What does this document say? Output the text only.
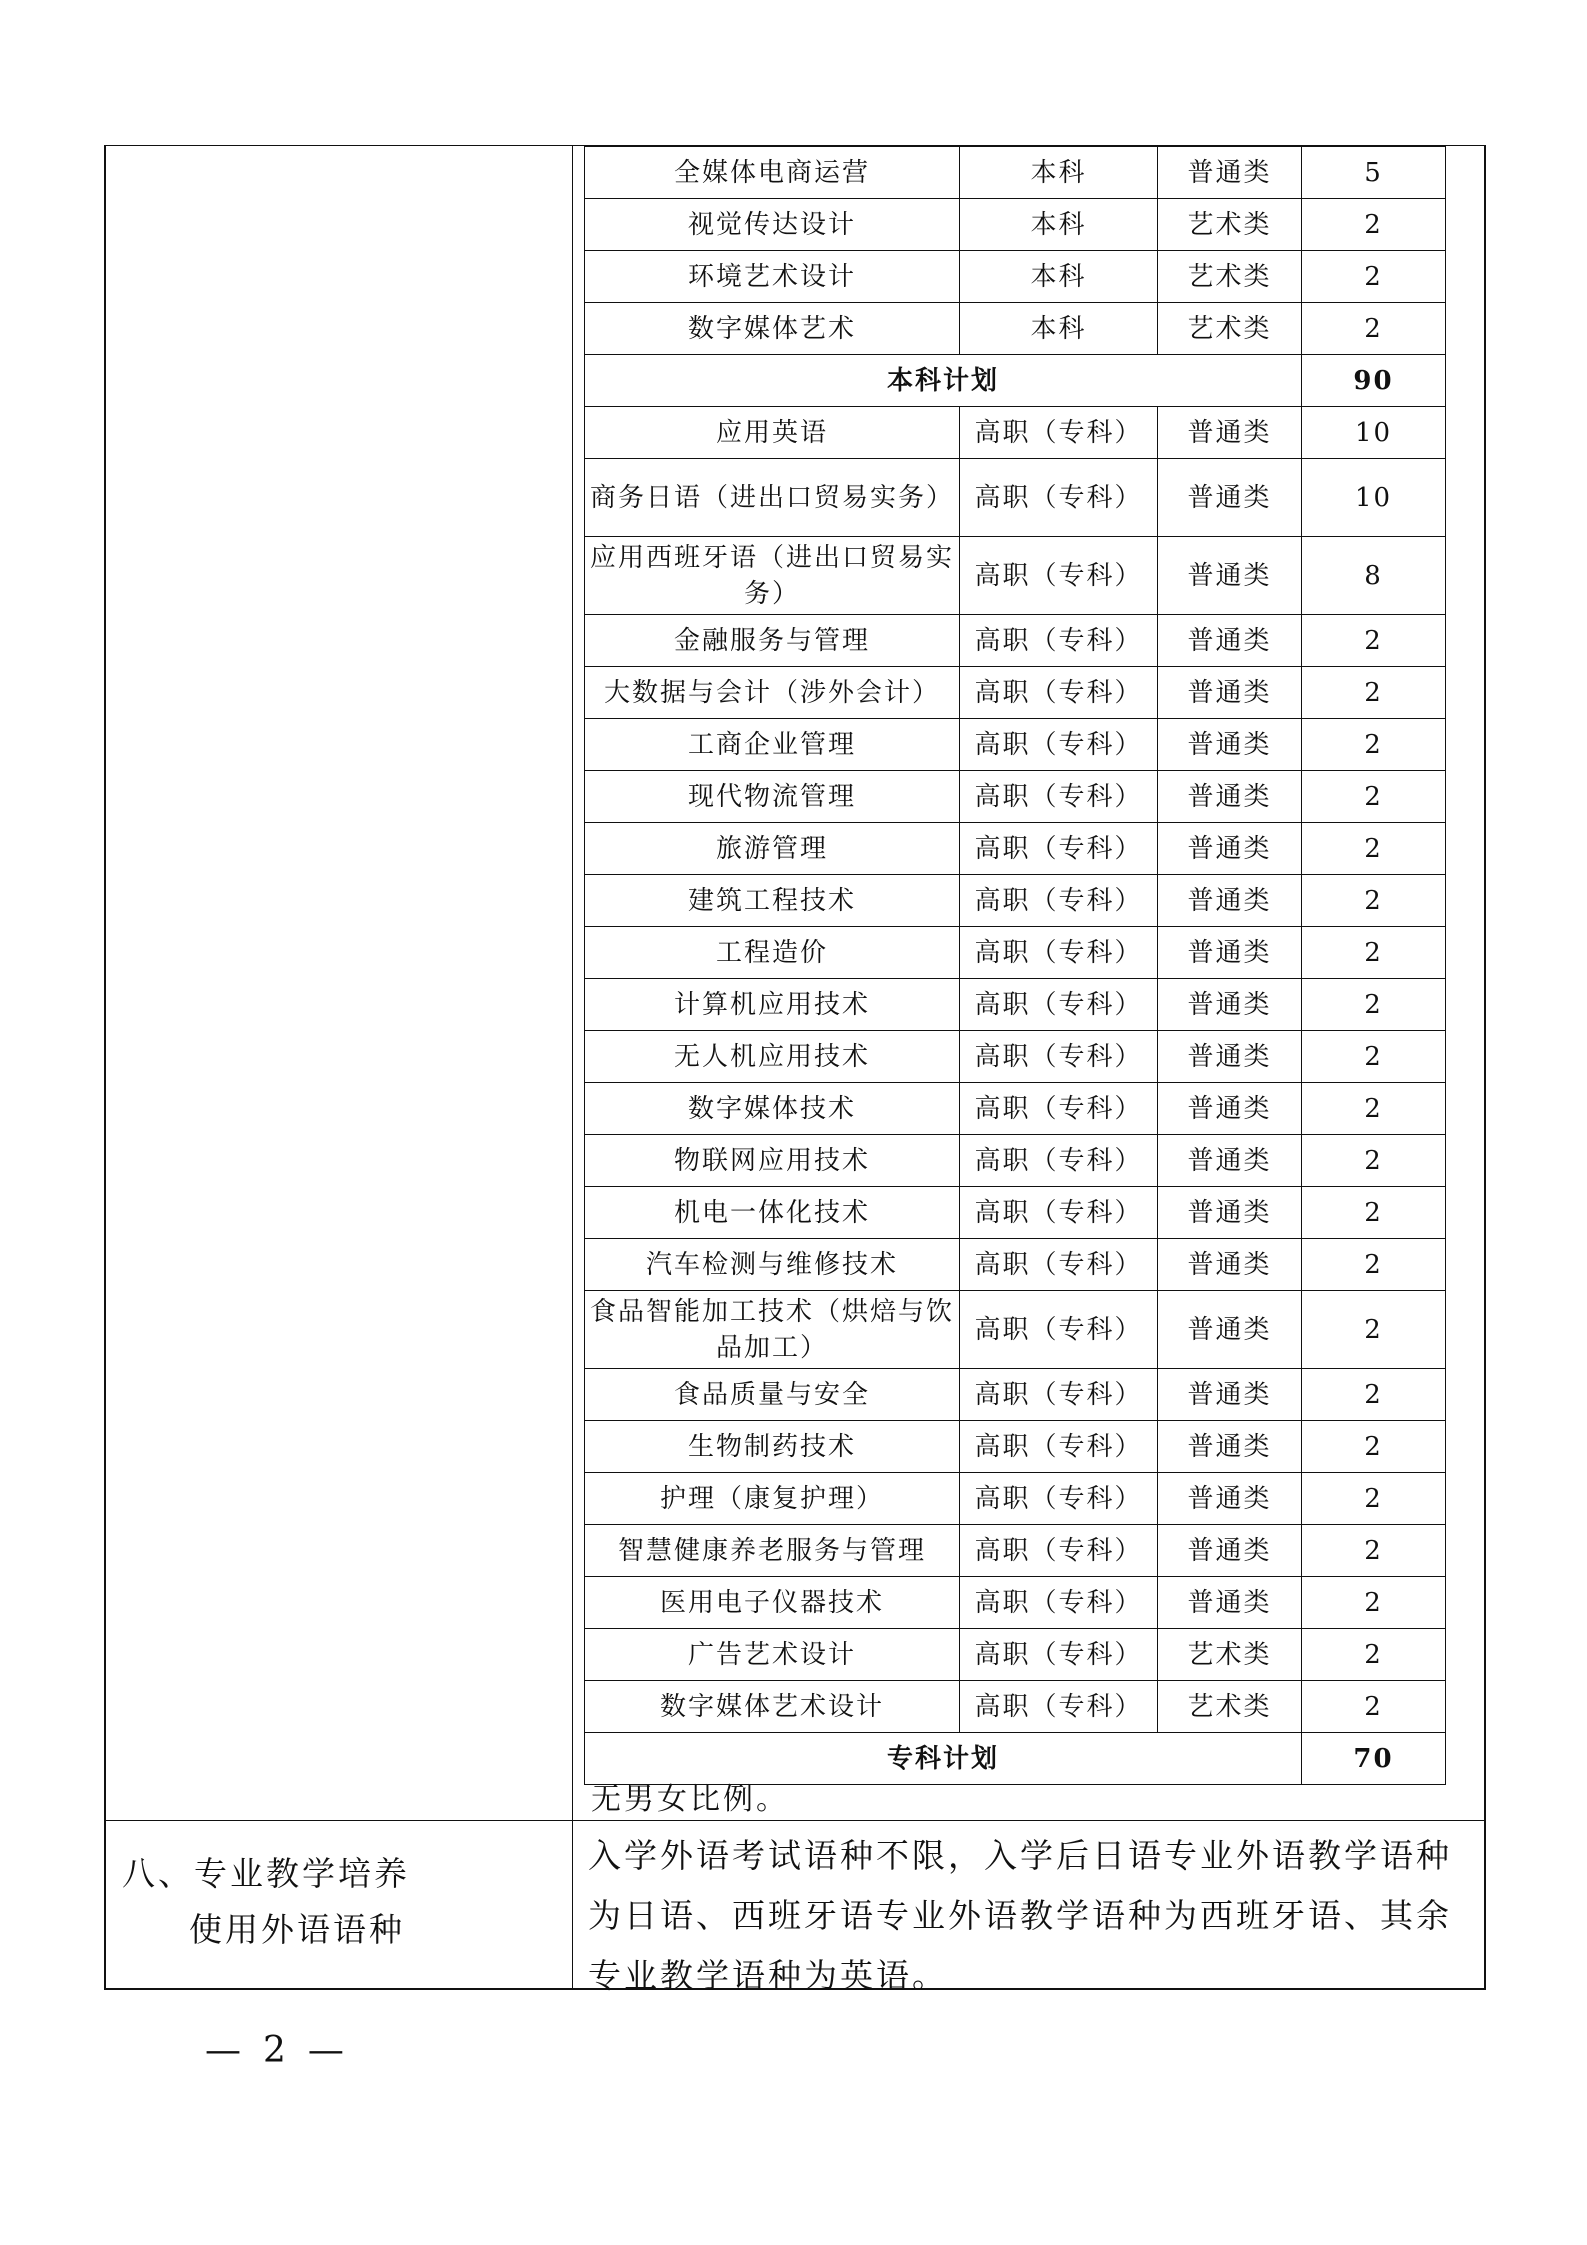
全媒体电商运营	本科	普通类	5
视觉传达设计	本科	艺术类	2
环境艺术设计	本科	艺术类	2
数字媒体艺术	本科	艺术类	2
本科计划			90
应用英语	高职（专科）	普通类	10
商务日语（进出口贸易实务）	高职（专科）	普通类	10
应用西班牙语（进出口贸易实务）	高职（专科）	普通类	8
金融服务与管理	高职（专科）	普通类	2
大数据与会计（涉外会计）	高职（专科）	普通类	2
工商企业管理	高职（专科）	普通类	2
现代物流管理	高职（专科）	普通类	2
旅游管理	高职（专科）	普通类	2
建筑工程技术	高职（专科）	普通类	2
工程造价	高职（专科）	普通类	2
计算机应用技术	高职（专科）	普通类	2
无人机应用技术	高职（专科）	普通类	2
数字媒体技术	高职（专科）	普通类	2
物联网应用技术	高职（专科）	普通类	2
机电一体化技术	高职（专科）	普通类	2
汽车检测与维修技术	高职（专科）	普通类	2
食品智能加工技术（烘焙与饮品加工）	高职（专科）	普通类	2
食品质量与安全	高职（专科）	普通类	2
生物制药技术	高职（专科）	普通类	2
护理（康复护理）	高职（专科）	普通类	2
智慧健康养老服务与管理	高职（专科）	普通类	2
医用电子仪器技术	高职（专科）	普通类	2
广告艺术设计	高职（专科）	艺术类	2
数字媒体艺术设计	高职（专科）	艺术类	2
专科计划			70
无男女比例。
八、专业教学培养
使用外语语种
入学外语考试语种不限，入学后日语专业外语教学语种为日语、西班牙语专业外语教学语种为西班牙语、其余专业教学语种为英语。
—2—
